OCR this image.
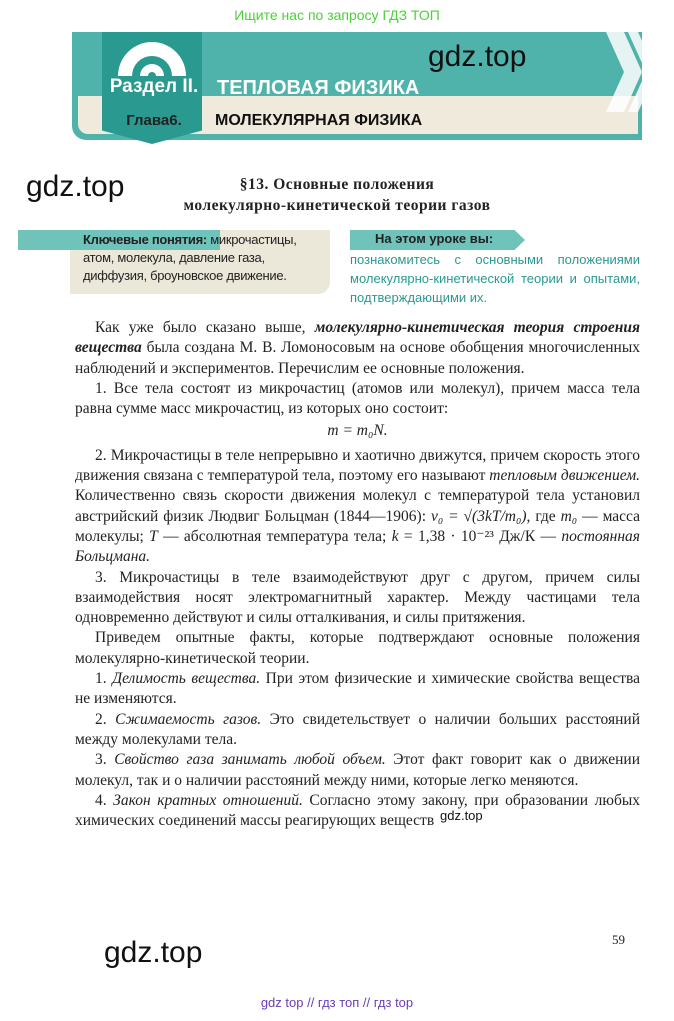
Ищите нас по запросу ГДЗ ТОП
Раздел II.
Глава6.
ТЕПЛОВАЯ ФИЗИКА
МОЛЕКУЛЯРНАЯ ФИЗИКА
gdz.top
gdz.top
gdz.top
gdz.top
§13. Основные положения
молекулярно-кинетической теории газов
Ключевые понятия: микрочастицы, атом, молекула, давление газа, диффузия, броуновское движение.
На этом уроке вы:
познакомитесь с основными положениями молекулярно-кинетической теории и опытами, подтверждающими их.

Как уже было сказано выше, молекулярно-кинетическая теория строения вещества была создана М. В. Ломоносовым на основе обобщения многочисленных наблюдений и экспериментов. Перечислим ее основные положения.

1. Все тела состоят из микрочастиц (атомов или молекул), причем масса тела равна сумме масс микрочастиц, из которых оно состоит:

m = m₀N.

2. Микрочастицы в теле непрерывно и хаотично движутся, причем скорость этого движения связана с температурой тела, поэтому его называют тепловым движением. Количественно связь скорости движения молекул с температурой тела установил австрийский физик Людвиг Больцман (1844—1906): v₀ = √(3kT/m₀), где m₀ — масса молекулы; T — абсолютная температура тела; k = 1,38 · 10⁻²³ Дж/К — постоянная Больцмана.

3. Микрочастицы в теле взаимодействуют друг с другом, причем силы взаимодействия носят электромагнитный характер. Между частицами тела одновременно действуют и силы отталкивания, и силы притяжения.

Приведем опытные факты, которые подтверждают основные положения молекулярно-кинетической теории.

1. Делимость вещества. При этом физические и химические свойства вещества не изменяются.

2. Сжимаемость газов. Это свидетельствует о наличии больших расстояний между молекулами тела.

3. Свойство газа занимать любой объем. Этот факт говорит как о движении молекул, так и о наличии расстояний между ними, которые легко меняются.

4. Закон кратных отношений. Согласно этому закону, при образовании любых химических соединений массы реагирующих веществ

59
gdz top // гдз топ // гдз top
